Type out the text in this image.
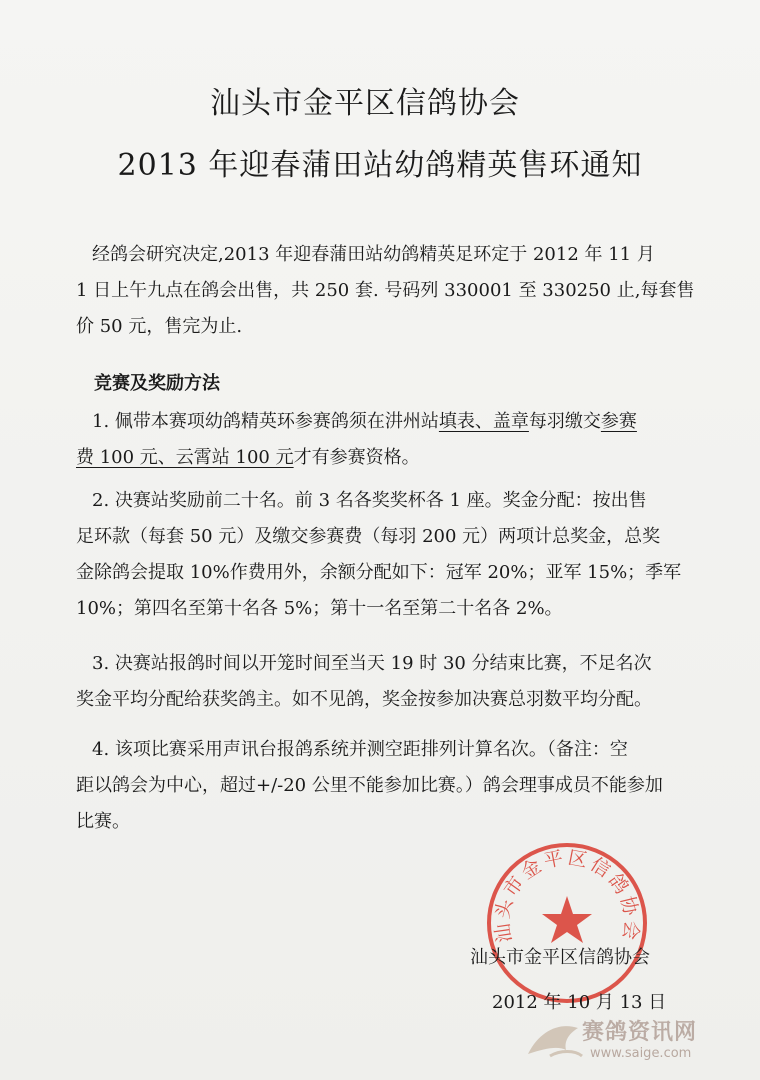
汕头市金平区信鸽协会
2013 年迎春蒲田站幼鸽精英售环通知

经鸽会研究决定,2013 年迎春蒲田站幼鸽精英足环定于 2012 年 11 月

1 日上午九点在鸽会出售，共 250 套. 号码列 330001 至 330250 止,每套售

价 50 元，售完为止.

竞赛及奖励方法

1. 佩带本赛项幼鸽精英环参赛鸽须在汫州站填表、盖章每羽缴交参赛

费 100 元、云霄站 100 元才有参赛资格。

2. 决赛站奖励前二十名。前 3 名各奖奖杯各 1 座。奖金分配：按出售

足环款（每套 50 元）及缴交参赛费（每羽 200 元）两项计总奖金，总奖

金除鸽会提取 10%作费用外，余额分配如下：冠军 20%；亚军 15%；季军

10%；第四名至第十名各 5%；第十一名至第二十名各 2%。

3. 决赛站报鸽时间以开笼时间至当天 19 时 30 分结束比赛，不足名次

奖金平均分配给获奖鸽主。如不见鸽，奖金按参加决赛总羽数平均分配。

4. 该项比赛采用声讯台报鸽系统并测空距排列计算名次。（备注：空

距以鸽会为中心，超过+/-20 公里不能参加比赛。）鸽会理事成员不能参加

比赛。

汕头市金平区信鸽协会
汕头市金平区信鸽协会
2012 年 10 月 13 日
赛鸽资讯网
www.saige.com
